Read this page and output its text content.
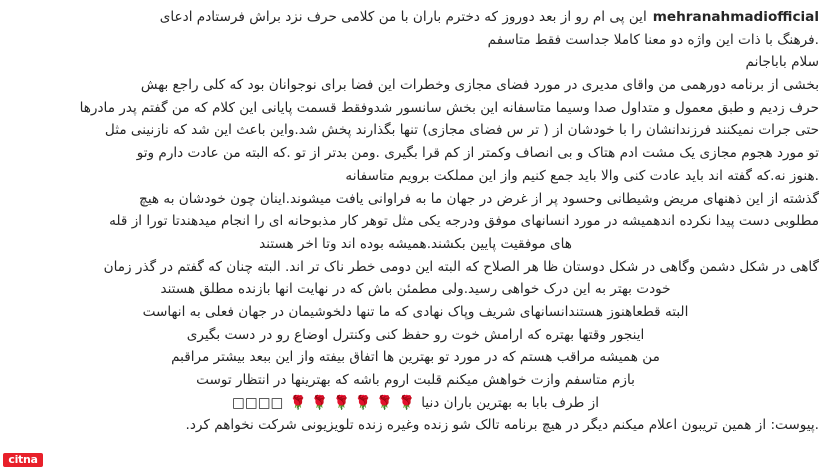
mehranahmadiofficialاین پی ام رو از بعد دوروز که دخترم باران با من کلامی حرف نزد براش فرستادم ادعای
.فرهنگ با ذات این واژه دو معنا کاملا جداست فقط متاسفم
سلام باباجانم
بخشی از برنامه دورهمی من واقای مدیری در مورد فضای مجازی وخطرات این فضا برای نوجوانان بود که کلی راجع بهش
حرف زدیم و طبق معمول و متداول صدا وسیما متاسفانه این بخش سانسور شدوفقط قسمت پایانی این کلام که من گفتم پدر مادرها
حتی جرات نمیکنند فرزندانشان را با خودشان از ( تر س فضای مجازی) تنها بگذارند پخش شد.واین باعث این شد که نازنینی مثل
تو مورد هجوم مجازی یک مشت ادم هتاک و بی انصاف وکمتر از کم قرا بگیری .ومن بدتر از تو .که البته من عادت دارم وتو
.هنوز نه.که گفته اند باید عادت کنی والا باید جمع کنیم واز این مملکت برویم متاسفانه
گذشته از این ذهنهای مریض وشیطانی وحسود پر از غرض در جهان ما به فراوانی یافت میشوند.اینان چون خودشان به هیچ
مطلوبی دست پیدا نکرده اندهمیشه در مورد انسانهای موفق ودرجه یکی مثل توهر کار مذبوحانه ای را انجام میدهندتا تورا از قله
های موفقیت پایین بکشند.همیشه بوده اند وتا اخر هستند
گاهی در شکل دشمن وگاهی در شکل دوستان ظا هر الصلاح که البته این دومی خطر ناک تر اند. البته چنان که گفتم در گذر زمان
خودت بهتر به این درک خواهی رسید.ولی مطمئن باش که در نهایت انها بازنده مطلق هستند
البته قطعاهنوز هستندانسانهای شریف وپاک نهادی که ما تنها دلخوشیمان در جهان فعلی به انهاست
اینجور وقتها بهتره که ارامش خوت رو حفظ کنی وکنترل اوضاع رو در دست بگیری
من همیشه مراقب هستم که در مورد تو بهترین ها اتفاق بیفته واز این ببعد بیشتر مراقبم
بازم متاسفم وازت خواهش میکنم قلبت اروم باشه که بهترینها در انتظار توست
از طرف بابا به بهترین باران دنیا 🌹 🌹 🌹 🌹 🌹 🌹 □□□□
.پیوست: از همین تریبون اعلام میکنم دیگر در هیچ برنامه تالک شو زنده وغیره زنده تلویزیونی شرکت نخواهم کرد.
citna
